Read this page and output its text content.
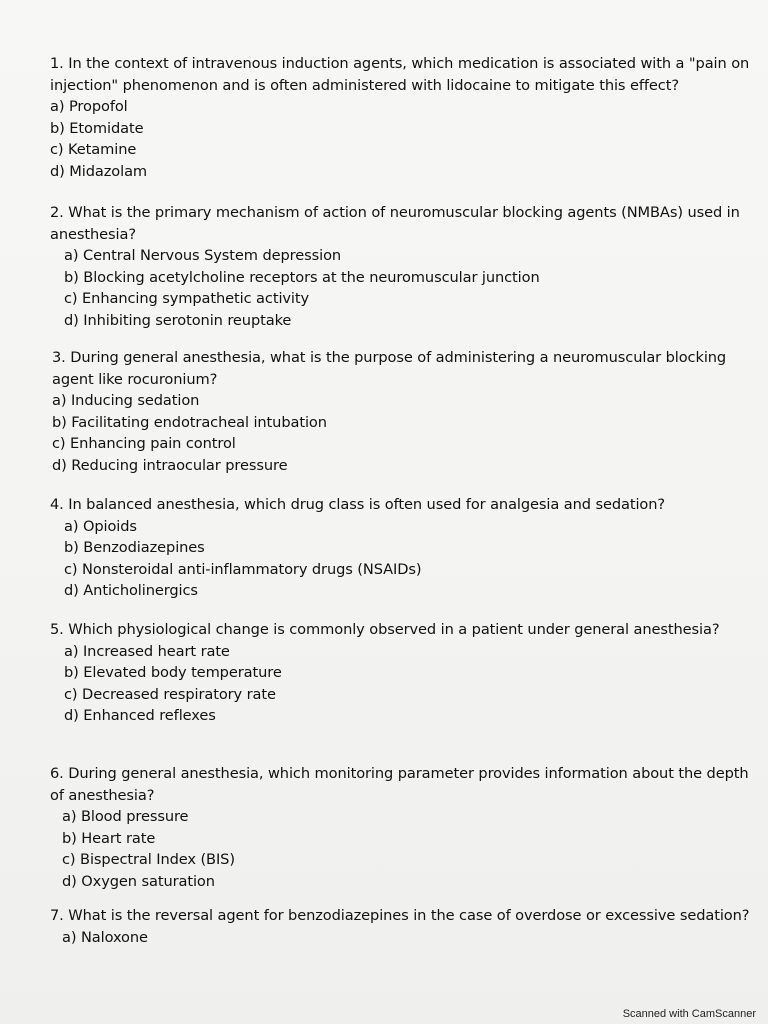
1. In the context of intravenous induction agents, which medication is associated with a "pain on injection" phenomenon and is often administered with lidocaine to mitigate this effect?

a) Propofol

b) Etomidate

c) Ketamine

d) Midazolam

2. What is the primary mechanism of action of neuromuscular blocking agents (NMBAs) used in anesthesia?

a) Central Nervous System depression

b) Blocking acetylcholine receptors at the neuromuscular junction

c) Enhancing sympathetic activity

d) Inhibiting serotonin reuptake

3. During general anesthesia, what is the purpose of administering a neuromuscular blocking agent like rocuronium?

a) Inducing sedation

b) Facilitating endotracheal intubation

c) Enhancing pain control

d) Reducing intraocular pressure

4. In balanced anesthesia, which drug class is often used for analgesia and sedation?

a) Opioids

b) Benzodiazepines

c) Nonsteroidal anti-inflammatory drugs (NSAIDs)

d) Anticholinergics

5. Which physiological change is commonly observed in a patient under general anesthesia?

a) Increased heart rate

b) Elevated body temperature

c) Decreased respiratory rate

d) Enhanced reflexes

6. During general anesthesia, which monitoring parameter provides information about the depth of anesthesia?

a) Blood pressure

b) Heart rate

c) Bispectral Index (BIS)

d) Oxygen saturation

7. What is the reversal agent for benzodiazepines in the case of overdose or excessive sedation?

a) Naloxone

Scanned with CamScanner
